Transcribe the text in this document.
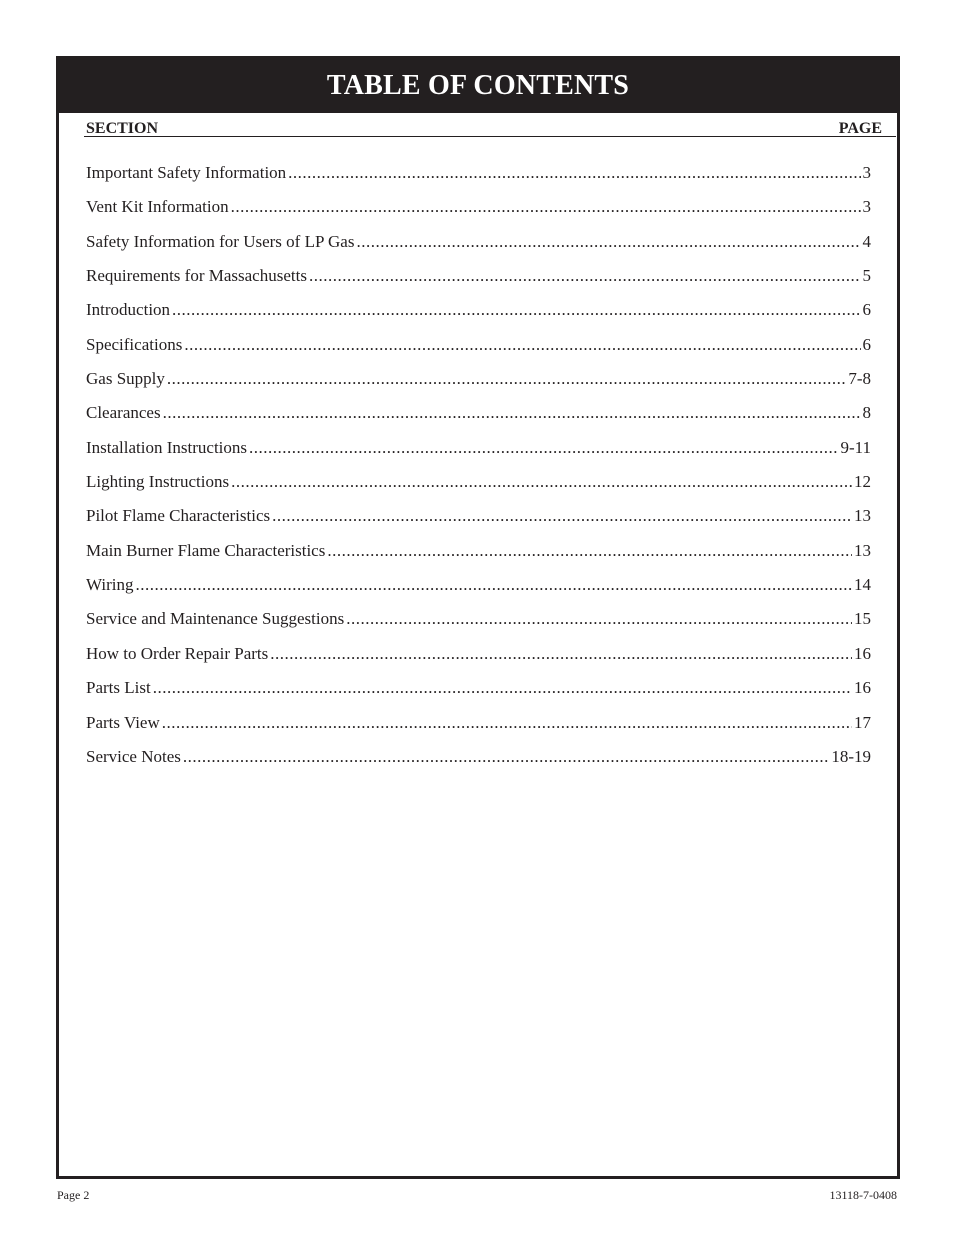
TABLE OF CONTENTS
SECTION	PAGE
Important Safety Information .....	3
Vent Kit Information .....	3
Safety Information for Users of LP Gas .....	4
Requirements for Massachusetts .....	5
Introduction .....	6
Specifications .....	6
Gas Supply .....	7-8
Clearances .....	8
Installation Instructions .....	9-11
Lighting Instructions .....	12
Pilot Flame Characteristics .....	13
Main Burner Flame Characteristics .....	13
Wiring .....	14
Service and Maintenance Suggestions .....	15
How to Order Repair Parts .....	16
Parts List .....	16
Parts View .....	17
Service Notes .....	18-19
Page 2	13118-7-0408
